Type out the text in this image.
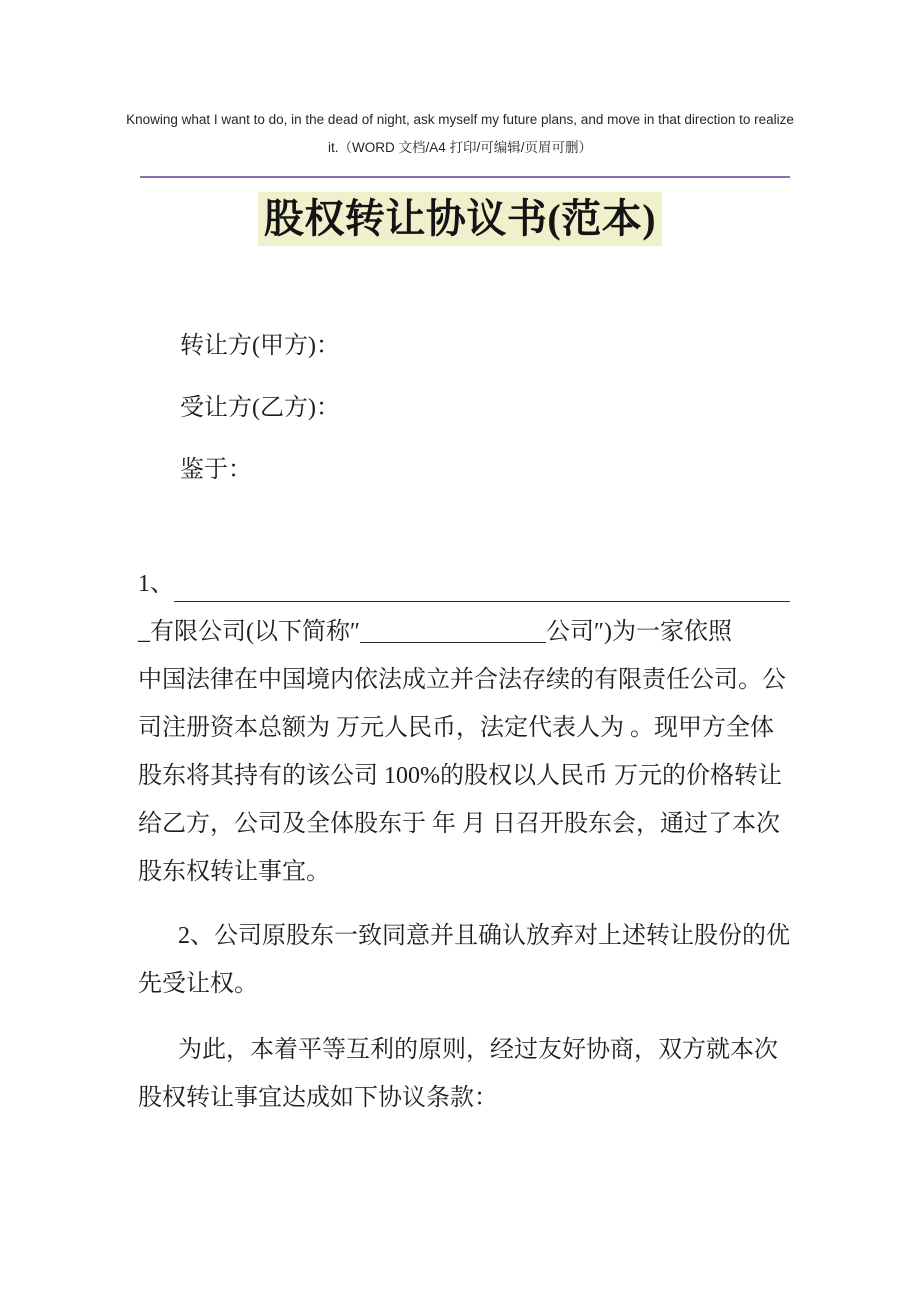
Knowing what I want to do, in the dead of night, ask myself my future plans, and move in that direction to realize
it.（WORD 文档/A4 打印/可编辑/页眉可删）
股权转让协议书(范本)
转让方(甲方)：
受让方(乙方)：
鉴于：
1、
_有限公司(以下简称″	公司″)为一家依照
中国法律在中国境内依法成立并合法存续的有限责任公司。公
司注册资本总额为 万元人民币，法定代表人为 。现甲方全体
股东将其持有的该公司 100%的股权以人民币 万元的价格转让
给乙方，公司及全体股东于 年 月 日召开股东会，通过了本次
股东权转让事宜。
2、公司原股东一致同意并且确认放弃对上述转让股份的优
先受让权。
为此，本着平等互利的原则，经过友好协商，双方就本次
股权转让事宜达成如下协议条款：
